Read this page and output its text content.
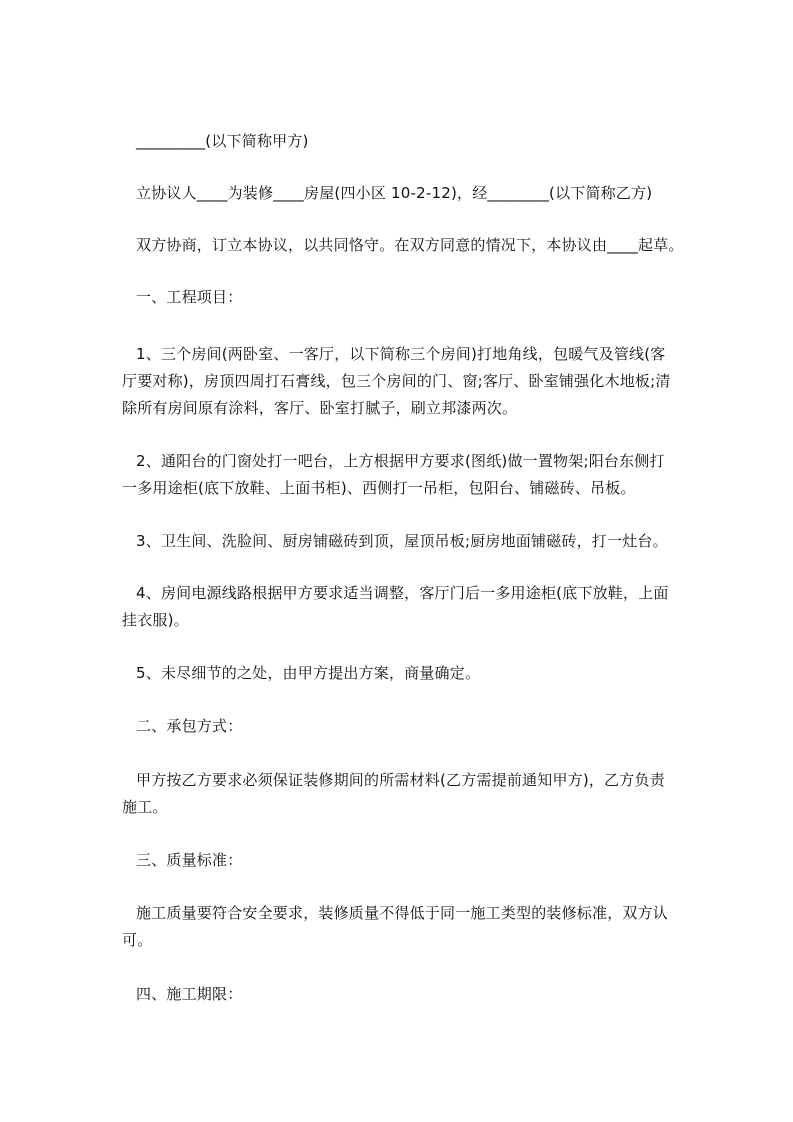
_________(以下简称甲方)
立协议人____为装修____房屋(四小区 10-2-12)，经________(以下简称乙方)
双方协商，订立本协议，以共同恪守。在双方同意的情况下，本协议由____起草。
一、工程项目：
1、三个房间(两卧室、一客厅，以下简称三个房间)打地角线，包暖气及管线(客
厅要对称)，房顶四周打石膏线，包三个房间的门、窗;客厅、卧室铺强化木地板;清
除所有房间原有涂料，客厅、卧室打腻子，刷立邦漆两次。
2、通阳台的门窗处打一吧台，上方根据甲方要求(图纸)做一置物架;阳台东侧打
一多用途柜(底下放鞋、上面书柜)、西侧打一吊柜，包阳台、铺磁砖、吊板。
3、卫生间、洗脸间、厨房铺磁砖到顶，屋顶吊板;厨房地面铺磁砖，打一灶台。
4、房间电源线路根据甲方要求适当调整，客厅门后一多用途柜(底下放鞋，上面
挂衣服)。
5、未尽细节的之处，由甲方提出方案，商量确定。
二、承包方式：
甲方按乙方要求必须保证装修期间的所需材料(乙方需提前通知甲方)，乙方负责
施工。
三、质量标准：
施工质量要符合安全要求，装修质量不得低于同一施工类型的装修标准，双方认
可。
四、施工期限：
